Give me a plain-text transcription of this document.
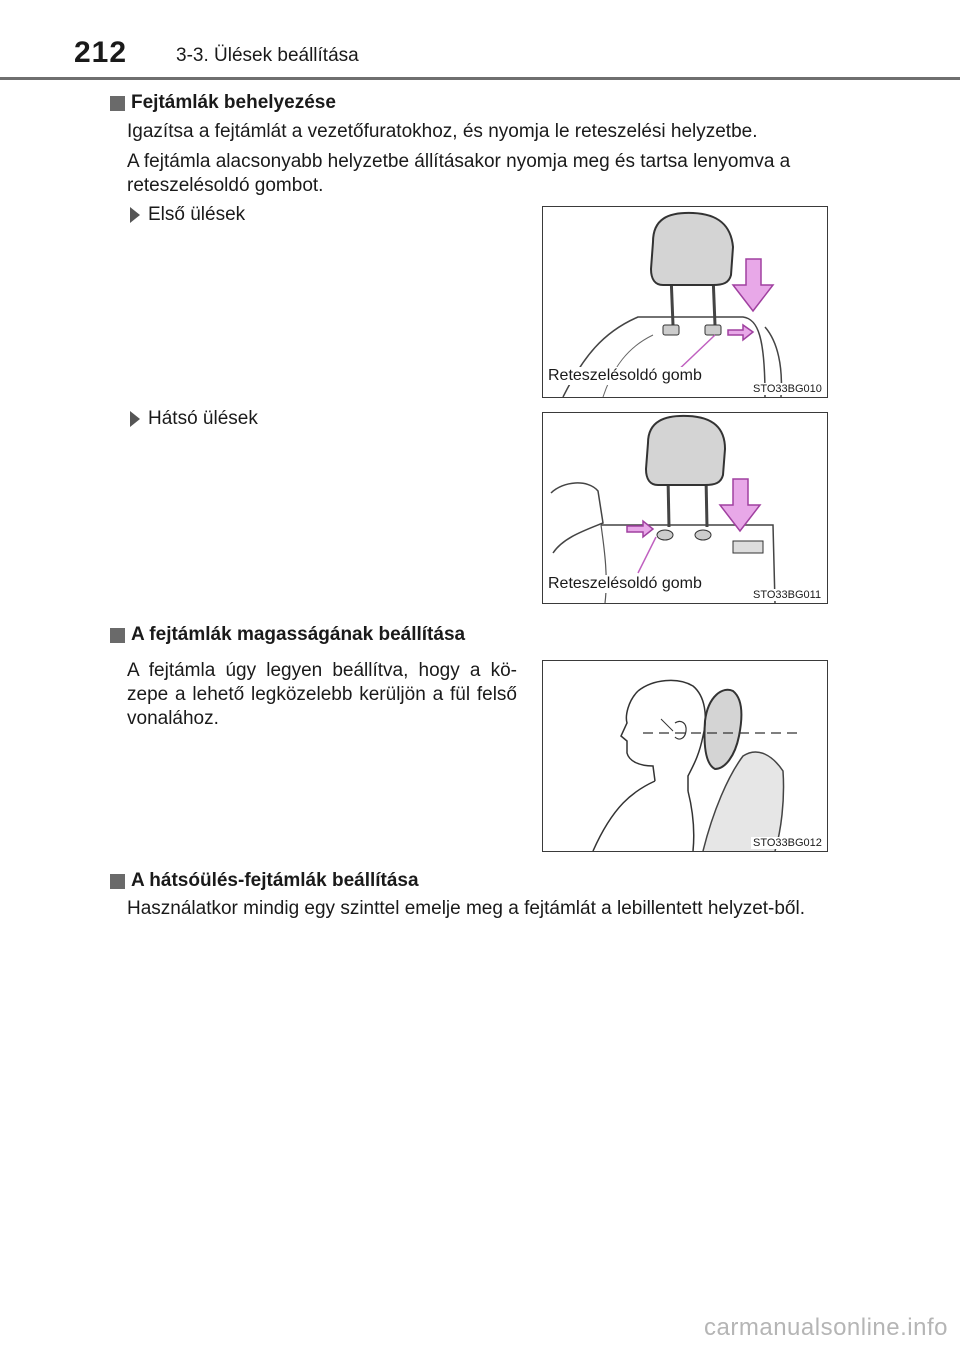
212	3-3. Ülések beállítása
Fejtámlák behelyezése
Igazítsa a fejtámlát a vezetőfuratokhoz, és nyomja le reteszelési helyzetbe.
A fejtámla alacsonyabb helyzetbe állításakor nyomja meg és tartsa lenyomva a reteszelésoldó gombot.
Első ülések
Reteszelésoldó gomb
STO33BG010
Hátsó ülések
Reteszelésoldó gomb
STO33BG011
A fejtámlák magasságának beállítása
A fejtámla úgy legyen beállítva, hogy a kö-zepe a lehető legközelebb kerüljön a fül felső vonalához.
STO33BG012
A hátsóülés-fejtámlák beállítása
Használatkor mindig egy szinttel emelje meg a fejtámlát a lebillentett helyzet-ből.
carmanualsonline.info
